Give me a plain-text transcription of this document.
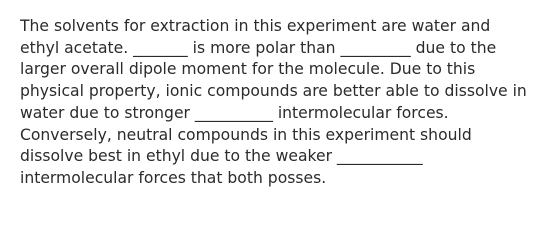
The solvents for extraction in this experiment are water and
ethyl acetate. _______ is more polar than _________ due to the
larger overall dipole moment for the molecule. Due to this
physical property, ionic compounds are better able to dissolve in
water due to stronger __________ intermolecular forces.
Conversely, neutral compounds in this experiment should
dissolve best in ethyl due to the weaker ___________
intermolecular forces that both posses.
